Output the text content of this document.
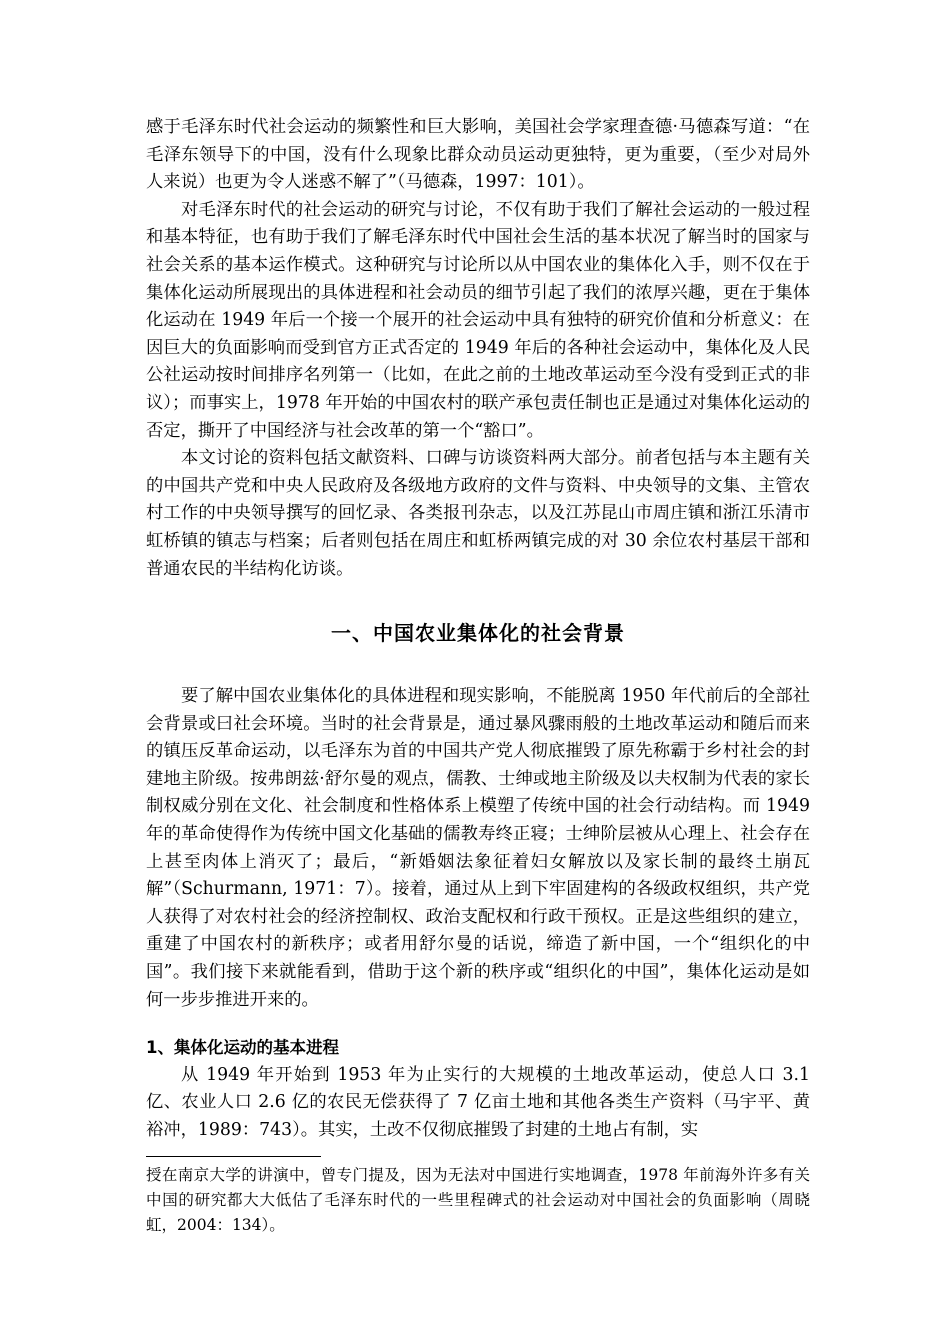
感于毛泽东时代社会运动的频繁性和巨大影响，美国社会学家理查德·马德森写道：“在毛泽东领导下的中国，没有什么现象比群众动员运动更独特，更为重要，（至少对局外人来说）也更为令人迷惑不解了”（马德森，1997：101）。

对毛泽东时代的社会运动的研究与讨论，不仅有助于我们了解社会运动的一般过程和基本特征，也有助于我们了解毛泽东时代中国社会生活的基本状况了解当时的国家与社会关系的基本运作模式。这种研究与讨论所以从中国农业的集体化入手，则不仅在于集体化运动所展现出的具体进程和社会动员的细节引起了我们的浓厚兴趣，更在于集体化运动在 1949 年后一个接一个展开的社会运动中具有独特的研究价值和分析意义：在因巨大的负面影响而受到官方正式否定的 1949 年后的各种社会运动中，集体化及人民公社运动按时间排序名列第一（比如，在此之前的土地改革运动至今没有受到正式的非议）；而事实上，1978 年开始的中国农村的联产承包责任制也正是通过对集体化运动的否定，撕开了中国经济与社会改革的第一个“豁口”。

本文讨论的资料包括文献资料、口碑与访谈资料两大部分。前者包括与本主题有关的中国共产党和中央人民政府及各级地方政府的文件与资料、中央领导的文集、主管农村工作的中央领导撰写的回忆录、各类报刊杂志，以及江苏昆山市周庄镇和浙江乐清市虹桥镇的镇志与档案；后者则包括在周庄和虹桥两镇完成的对 30 余位农村基层干部和普通农民的半结构化访谈。

一、中国农业集体化的社会背景

要了解中国农业集体化的具体进程和现实影响，不能脱离 1950 年代前后的全部社会背景或曰社会环境。当时的社会背景是，通过暴风骤雨般的土地改革运动和随后而来的镇压反革命运动，以毛泽东为首的中国共产党人彻底摧毁了原先称霸于乡村社会的封建地主阶级。按弗朗兹·舒尔曼的观点，儒教、士绅或地主阶级及以夫权制为代表的家长制权威分别在文化、社会制度和性格体系上模塑了传统中国的社会行动结构。而 1949 年的革命使得作为传统中国文化基础的儒教寿终正寝；士绅阶层被从心理上、社会存在上甚至肉体上消灭了；最后，“新婚姻法象征着妇女解放以及家长制的最终土崩瓦解”（Schurmann, 1971：7）。接着，通过从上到下牢固建构的各级政权组织，共产党人获得了对农村社会的经济控制权、政治支配权和行政干预权。正是这些组织的建立，重建了中国农村的新秩序；或者用舒尔曼的话说，缔造了新中国，一个“组织化的中国”。我们接下来就能看到，借助于这个新的秩序或“组织化的中国”，集体化运动是如何一步步推进开来的。

1、集体化运动的基本进程

从 1949 年开始到 1953 年为止实行的大规模的土地改革运动，使总人口 3.1 亿、农业人口 2.6 亿的农民无偿获得了 7 亿亩土地和其他各类生产资料（马宇平、黄裕冲，1989：743）。其实，土改不仅彻底摧毁了封建的土地占有制，实

授在南京大学的讲演中，曾专门提及，因为无法对中国进行实地调查，1978 年前海外许多有关中国的研究都大大低估了毛泽东时代的一些里程碑式的社会运动对中国社会的负面影响（周晓虹，2004：134）。
